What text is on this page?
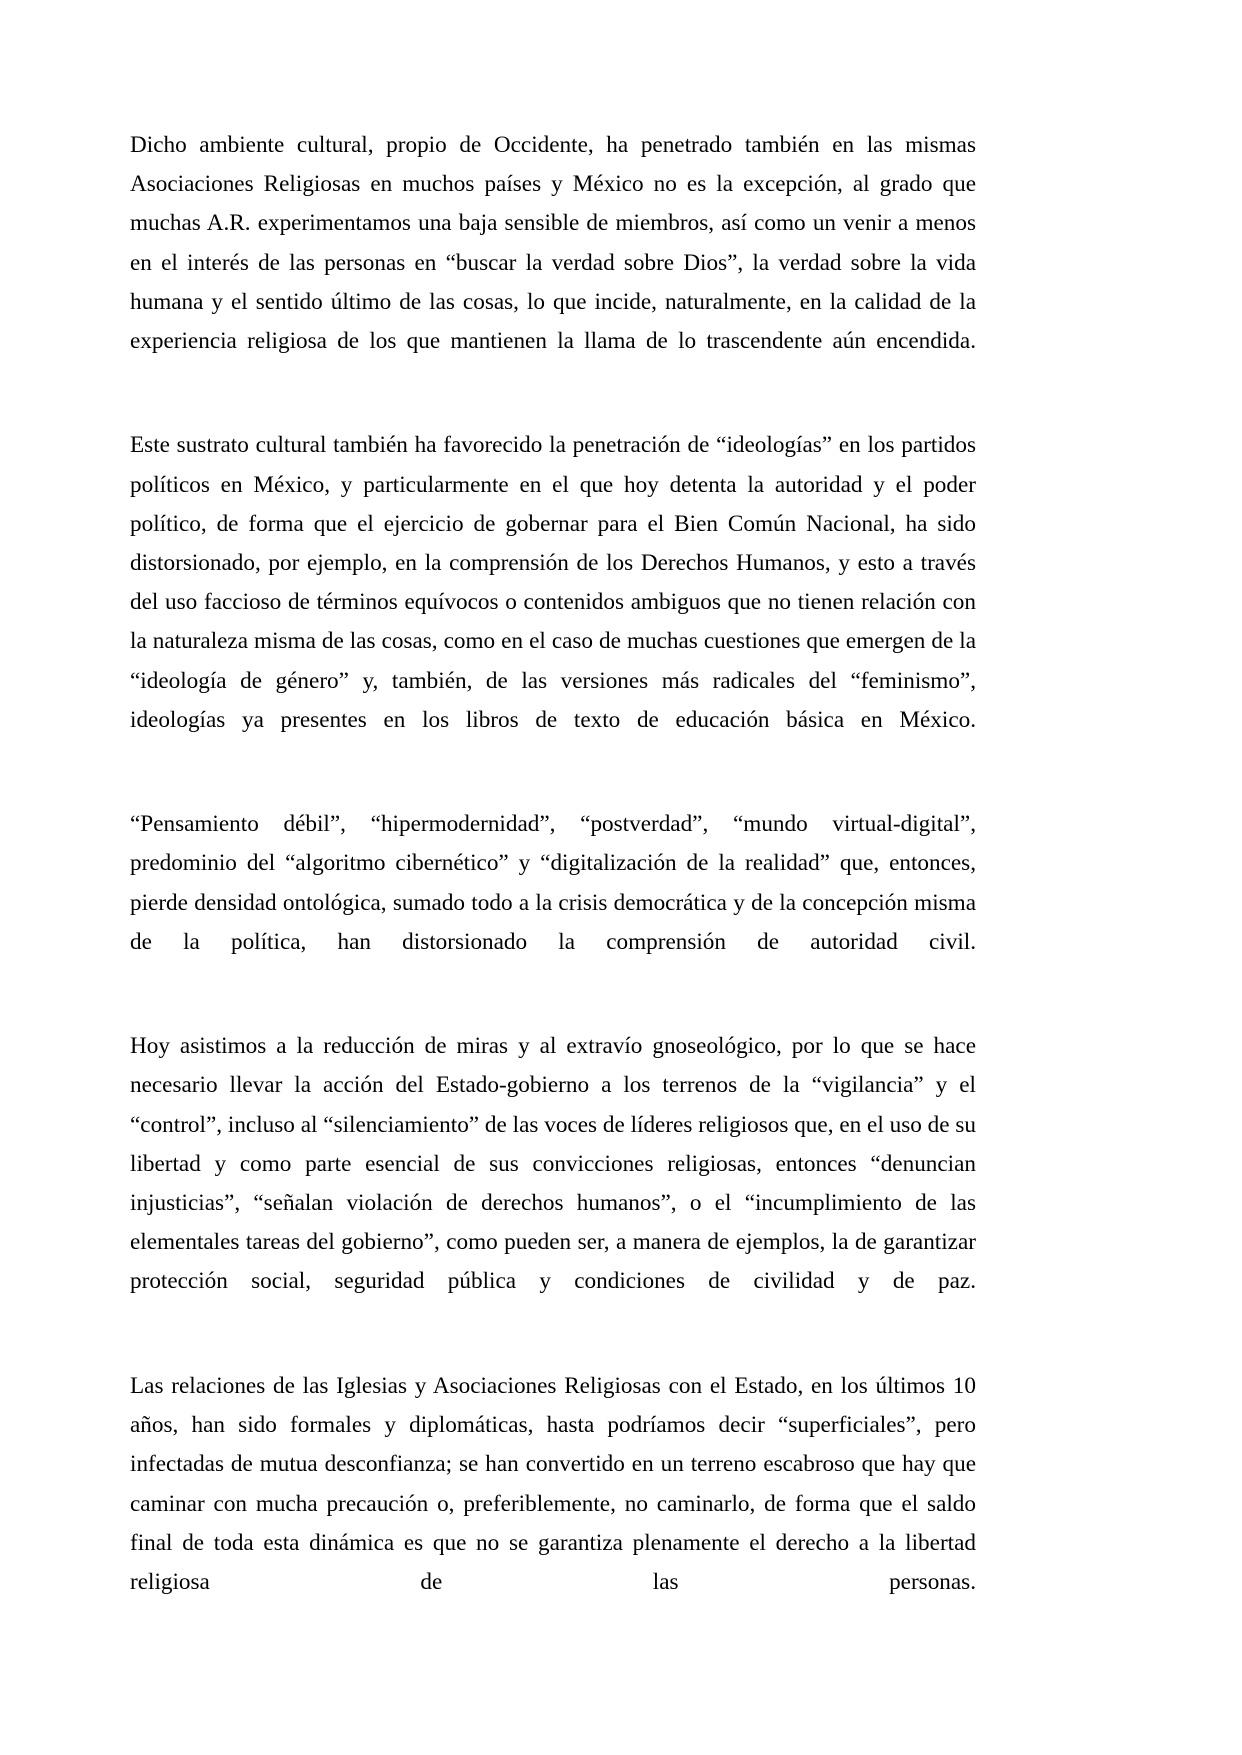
Dicho ambiente cultural, propio de Occidente, ha penetrado también en las mismas Asociaciones Religiosas en muchos países y México no es la excepción, al grado que muchas A.R. experimentamos una baja sensible de miembros, así como un venir a menos en el interés de las personas en “buscar la verdad sobre Dios”, la verdad sobre la vida humana y el sentido último de las cosas, lo que incide, naturalmente, en la calidad de la experiencia religiosa de los que mantienen la llama de lo trascendente aún encendida.

Este sustrato cultural también ha favorecido la penetración de “ideologías” en los partidos políticos en México, y particularmente en el que hoy detenta la autoridad y el poder político, de forma que el ejercicio de gobernar para el Bien Común Nacional, ha sido distorsionado, por ejemplo, en la comprensión de los Derechos Humanos, y esto a través del uso faccioso de términos equívocos o contenidos ambiguos que no tienen relación con la naturaleza misma de las cosas, como en el caso de muchas cuestiones que emergen de la “ideología de género” y, también, de las versiones más radicales del “feminismo”, ideologías ya presentes en los libros de texto de educación básica en México.

“Pensamiento débil”, “hipermodernidad”, “postverdad”, “mundo virtual-digital”, predominio del “algoritmo cibernético” y “digitalización de la realidad” que, entonces, pierde densidad ontológica, sumado todo a la crisis democrática y de la concepción misma de la política, han distorsionado la comprensión de autoridad civil.

Hoy asistimos a la reducción de miras y al extravío gnoseológico, por lo que se hace necesario llevar la acción del Estado-gobierno a los terrenos de la “vigilancia” y el “control”, incluso al “silenciamiento” de las voces de líderes religiosos que, en el uso de su libertad y como parte esencial de sus convicciones religiosas, entonces “denuncian injusticias”, “señalan violación de derechos humanos”, o el “incumplimiento de las elementales tareas del gobierno”, como pueden ser, a manera de ejemplos, la de garantizar protección social, seguridad pública y condiciones de civilidad y de paz.

Las relaciones de las Iglesias y Asociaciones Religiosas con el Estado, en los últimos 10 años, han sido formales y diplomáticas, hasta podríamos decir “superficiales”, pero infectadas de mutua desconfianza; se han convertido en un terreno escabroso que hay que caminar con mucha precaución o, preferiblemente, no caminarlo, de forma que el saldo final de toda esta dinámica es que no se garantiza plenamente el derecho a la libertad religiosa de las personas.
